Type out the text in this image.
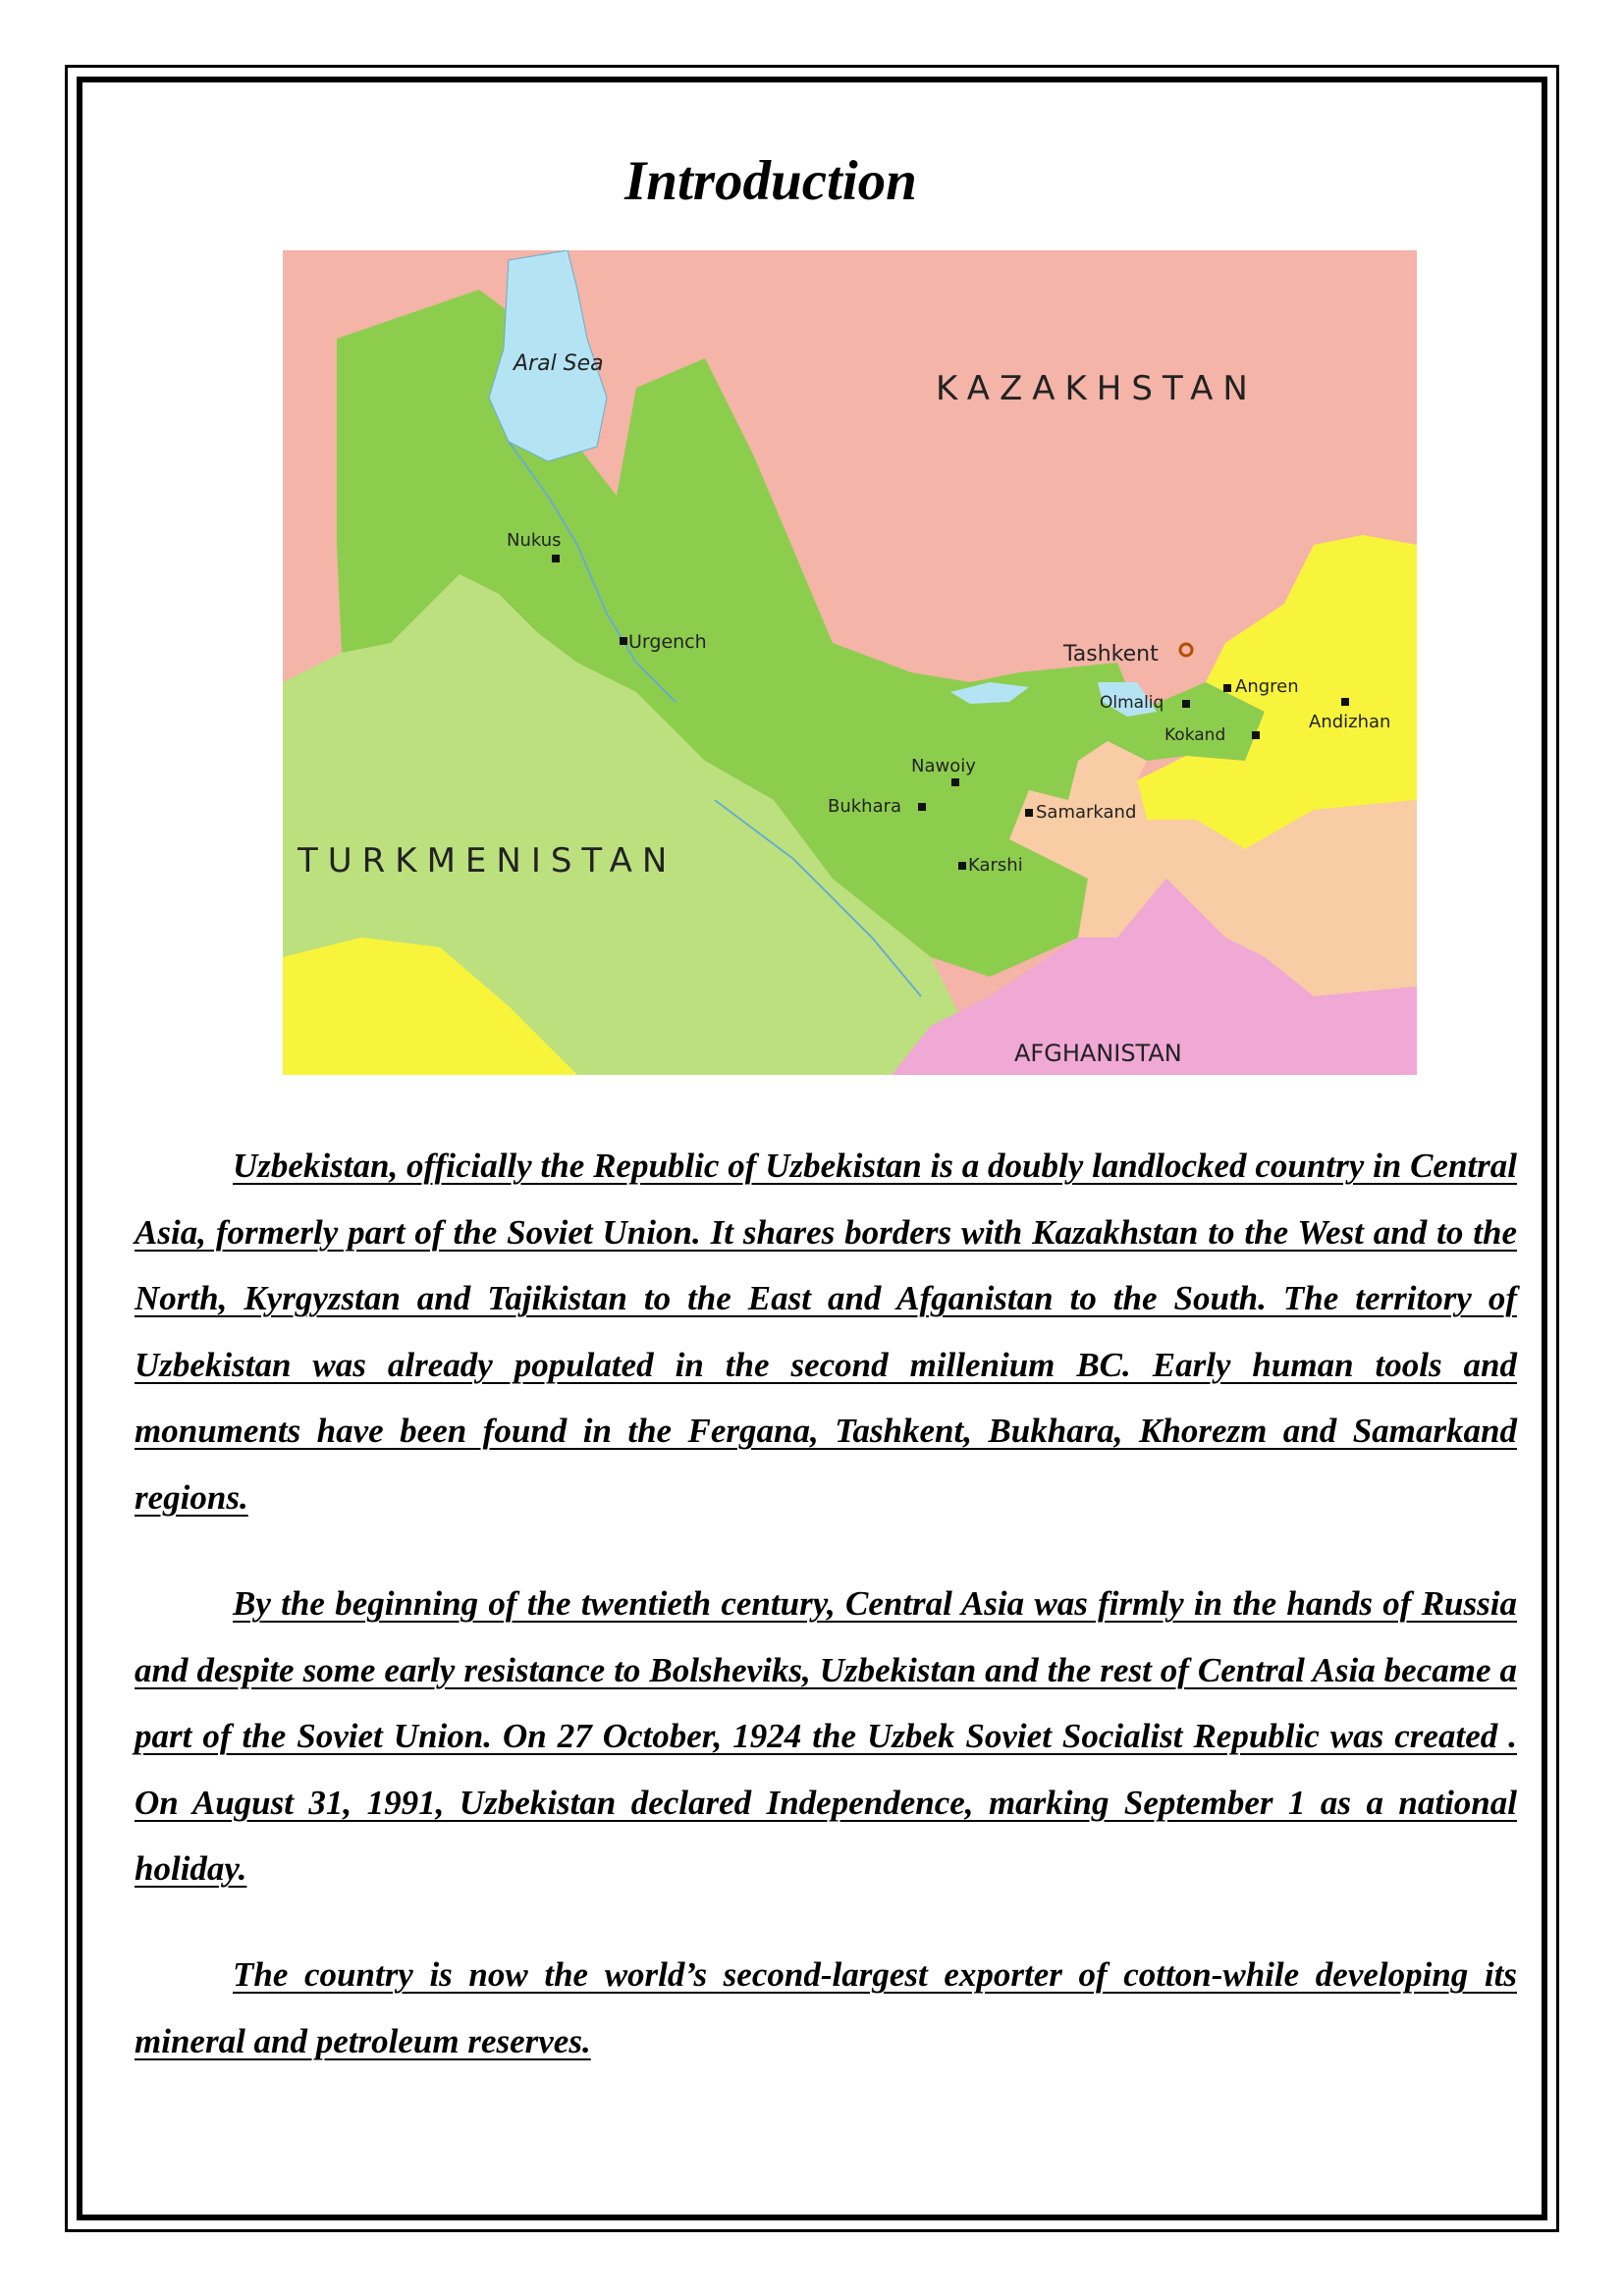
Introduction
Aral Sea
KAZAKHSTAN
TURKMENISTAN
AFGHANISTAN
Nukus
Urgench	Tashkent
Olmaliq
Angren
Andizhan
Kokand
Nawoiy
Bukhara	Samarkand
Karshi

Uzbekistan, officially the Republic of Uzbekistan is a doubly landlocked country in Central Asia, formerly part of the Soviet Union. It shares borders with Kazakhstan to the West and to the North, Kyrgyzstan and Tajikistan to the East and Afganistan to the South. The territory of Uzbekistan was already populated in the second millenium BC. Early human tools and monuments have been found in the Fergana, Tashkent, Bukhara, Khorezm and Samarkand regions.

By the beginning of the twentieth century, Central Asia was firmly in the hands of Russia and despite some early resistance to Bolsheviks, Uzbekistan and the rest of Central Asia became a part of the Soviet Union. On 27 October, 1924 the Uzbek Soviet Socialist Republic was created . On August 31, 1991, Uzbekistan declared Independence, marking September 1 as a national holiday.

The country is now the world’s second-largest exporter of cotton-while developing its mineral and petroleum reserves.
